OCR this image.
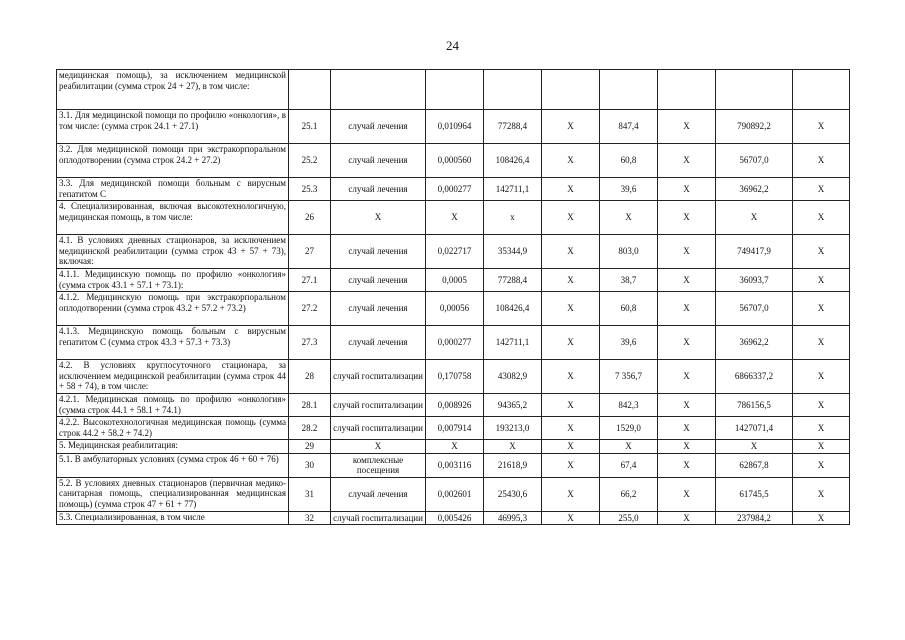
24
медицинская помощь), за исключением медицинской реабилитации (сумма строк 24 + 27), в том числе:									

3.1. Для медицинской помощи по профилю «онкология», в том числе: (сумма строк 24.1 + 27.1)	25.1	случай лечения	0,010964	77288,4	Х	847,4	Х	790892,2	Х

3.2. Для медицинской помощи при экстракорпоральном оплодотворении (сумма строк 24.2 + 27.2)	25.2	случай лечения	0,000560	108426,4	Х	60,8	Х	56707,0	Х

3.3. Для медицинской помощи больным с вирусным гепатитом С	25.3	случай лечения	0,000277	142711,1	Х	39,6	Х	36962,2	Х

4. Специализированная, включая высокотехнологичную, медицинская помощь, в том числе:	26	Х	Х	х	Х	Х	Х	Х	Х

4.1. В условиях дневных стационаров, за исключением медицинской реабилитации (сумма строк 43 + 57 + 73), включая:	27	случай лечения	0,022717	35344,9	Х	803,0	Х	749417,9	Х

4.1.1. Медицинскую помощь по профилю «онкология» (сумма строк 43.1 + 57.1 + 73.1):	27.1	случай лечения	0,0005	77288,4	Х	38,7	Х	36093,7	Х

4.1.2. Медицинскую помощь при экстракорпоральном оплодотворении (сумма строк 43.2 + 57.2 + 73.2)	27.2	случай лечения	0,00056	108426,4	Х	60,8	Х	56707,0	Х

4.1.3. Медицинскую помощь больным с вирусным гепатитом С (сумма строк 43.3 + 57.3 + 73.3)	27.3	случай лечения	0,000277	142711,1	Х	39,6	Х	36962,2	Х

4.2. В условиях круглосуточного стационара, за исключением медицинской реабилитации (сумма строк 44 + 58 + 74), в том числе:	28	случай госпитализации	0,170758	43082,9	Х	7 356,7	Х	6866337,2	Х

4.2.1. Медицинская помощь по профилю «онкология» (сумма строк 44.1 + 58.1 + 74.1)	28.1	случай госпитализации	0,008926	94365,2	Х	842,3	Х	786156,5	Х

4.2.2. Высокотехнологичная медицинская помощь (сумма строк 44.2 + 58.2 + 74.2)	28.2	случай госпитализации	0,007914	193213,0	Х	1529,0	Х	1427071,4	Х

5. Медицинская реабилитация:	29	Х	Х	Х	Х	Х	Х	Х	Х

5.1. В амбулаторных условиях (сумма строк 46 + 60 + 76)	30	комплексные посещения	0,003116	21618,9	Х	67,4	Х	62867,8	Х

5.2. В условиях дневных стационаров (первичная медико-санитарная помощь, специализированная медицинская помощь) (сумма строк 47 + 61 + 77)	31	случай лечения	0,002601	25430,6	Х	66,2	Х	61745,5	Х

5.3. Специализированная, в том числе	32	случай госпитализации	0,005426	46995,3	Х	255,0	Х	237984,2	Х
